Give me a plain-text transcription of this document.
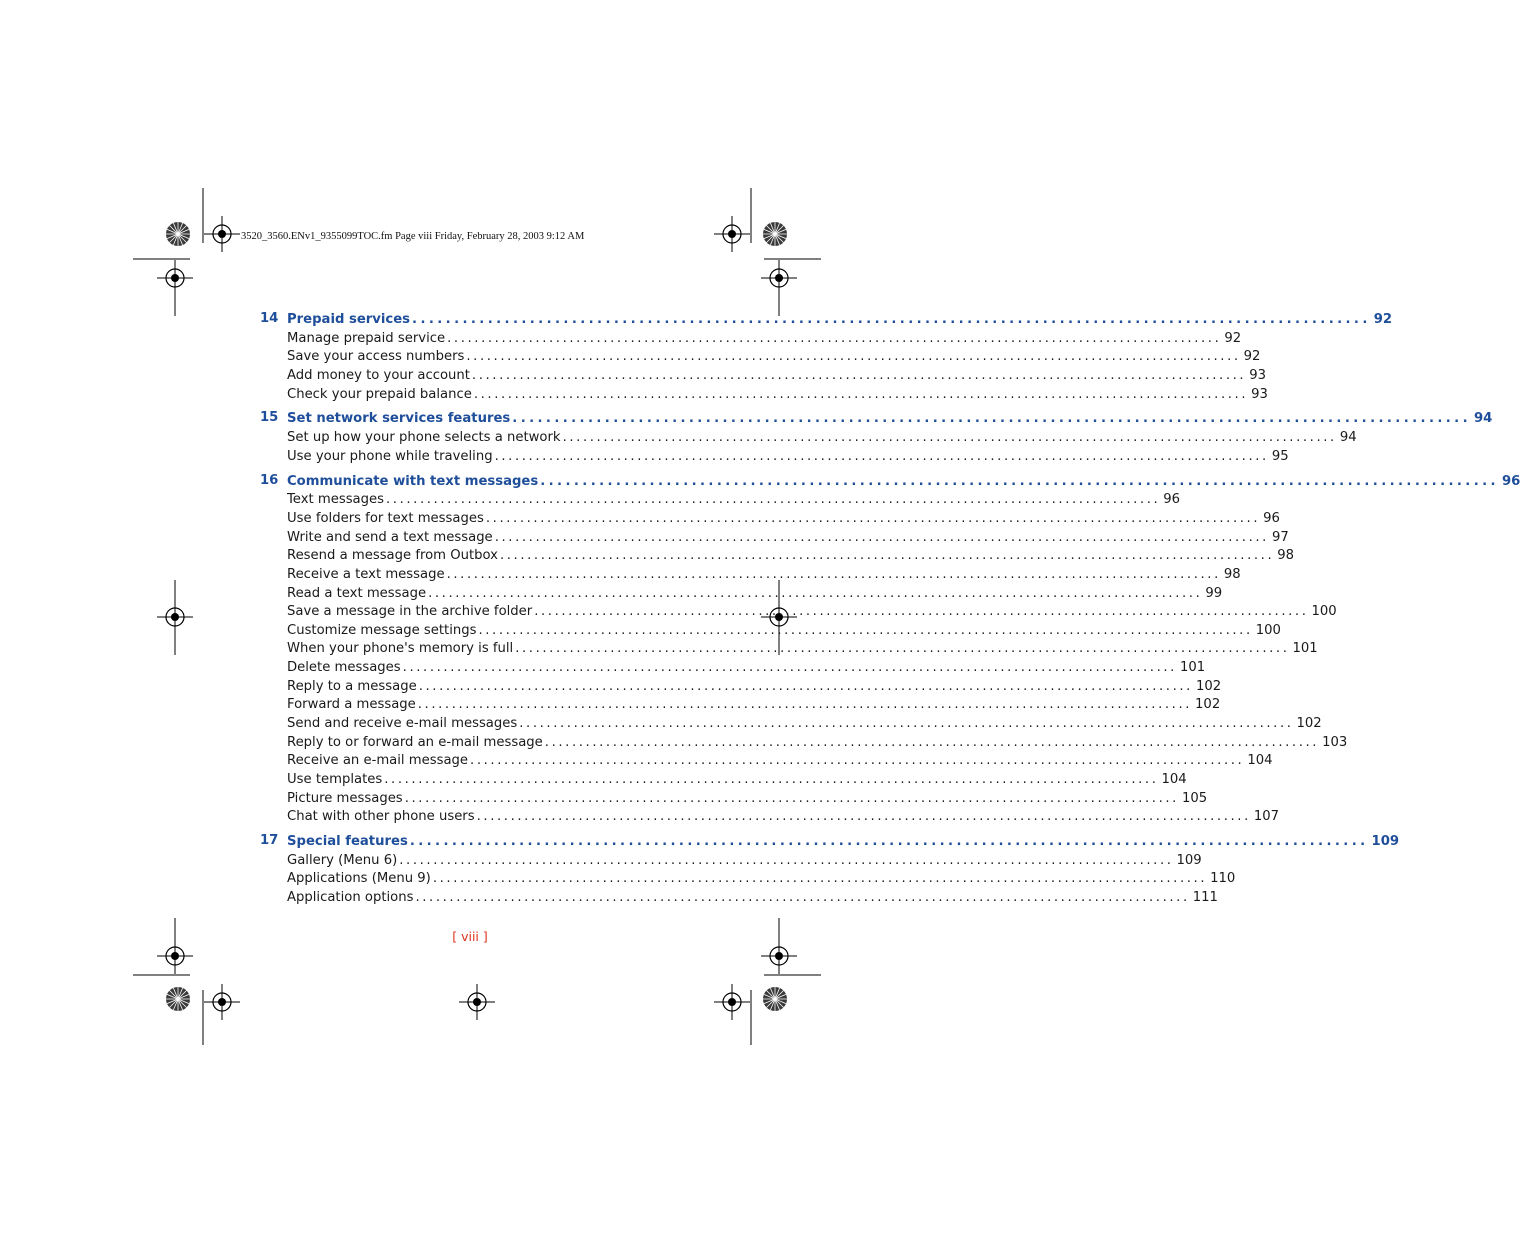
3520_3560.ENv1_9355099TOC.fm Page viii Friday, February 28, 2003 9:12 AM
14 Prepaid services .................................................................................................................. 92
Manage prepaid service .................................................................................................................. 92
Save your access numbers .................................................................................................................. 92
Add money to your account .................................................................................................................. 93
Check your prepaid balance .................................................................................................................. 93
15 Set network services features .................................................................................................................. 94
Set up how your phone selects a network .................................................................................................................. 94
Use your phone while traveling .................................................................................................................. 95
16 Communicate with text messages .................................................................................................................. 96
Text messages .................................................................................................................. 96
Use folders for text messages .................................................................................................................. 96
Write and send a text message .................................................................................................................. 97
Resend a message from Outbox .................................................................................................................. 98
Receive a text message .................................................................................................................. 98
Read a text message .................................................................................................................. 99
Save a message in the archive folder .................................................................................................................. 100
Customize message settings .................................................................................................................. 100
When your phone's memory is full .................................................................................................................. 101
Delete messages .................................................................................................................. 101
Reply to a message .................................................................................................................. 102
Forward a message .................................................................................................................. 102
Send and receive e-mail messages .................................................................................................................. 102
Reply to or forward an e-mail message .................................................................................................................. 103
Receive an e-mail message .................................................................................................................. 104
Use templates .................................................................................................................. 104
Picture messages .................................................................................................................. 105
Chat with other phone users .................................................................................................................. 107
17 Special features .................................................................................................................. 109
Gallery (Menu 6) .................................................................................................................. 109
Applications (Menu 9) .................................................................................................................. 110
Application options .................................................................................................................. 111
[ viii ]
